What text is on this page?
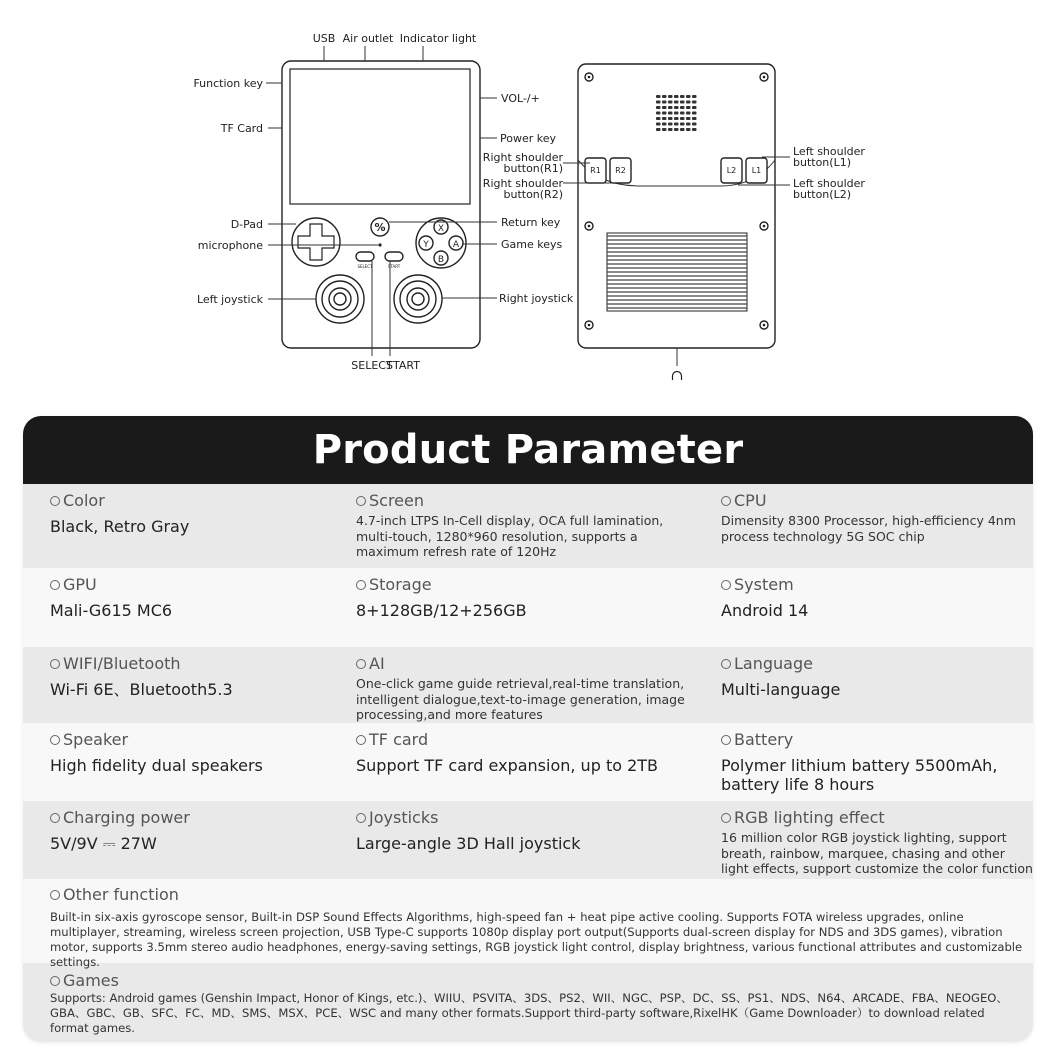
%
SELECT	START
X
Y	A
B
USB Air outlet Indicator light
Function key
TF Card
D-Pad
microphone
Left joystick
VOL-/+
Power key
Return key
Game keys
Right joystick
SELECT
START
R1 R2	L2 L1
Right shoulder
button(R1)
Right shoulder
button(R2)
Left shoulder
button(L1)
Left shoulder
button(L2)
Product Parameter
Color
Black, Retro Gray
Screen
4.7-inch LTPS In-Cell display, OCA full lamination, multi-touch, 1280*960 resolution, supports a maximum refresh rate of 120Hz
CPU
Dimensity 8300 Processor, high-efficiency 4nm process technology 5G SOC chip
GPU
Mali-G615 MC6
Storage
8+128GB/12+256GB
System
Android 14
WIFI/Bluetooth
Wi-Fi 6E、Bluetooth5.3
AI
One-click game guide retrieval,real-time translation, intelligent dialogue,text-to-image generation, image processing,and more features
Language
Multi-language
Speaker
High fidelity dual speakers
TF card
Support TF card expansion, up to 2TB
Battery
Polymer lithium battery 5500mAh, battery life 8 hours
Charging power
5V/9V ⎓ 27W
Joysticks
Large-angle 3D Hall joystick
RGB lighting effect
16 million color RGB joystick lighting, support breath, rainbow, marquee, chasing and other light effects, support customize the color function
Other function
Built-in six-axis gyroscope sensor, Built-in DSP Sound Effects Algorithms, high-speed fan + heat pipe active cooling. Supports FOTA wireless upgrades, online multiplayer, streaming, wireless screen projection, USB Type-C supports 1080p display port output(Supports dual-screen display for NDS and 3DS games), vibration motor, supports 3.5mm stereo audio headphones, energy-saving settings, RGB joystick light control, display brightness, various functional attributes and customizable settings.
Games
Supports: Android games (Genshin Impact, Honor of Kings, etc.)、WIIU、PSVITA、3DS、PS2、WII、NGC、PSP、DC、SS、PS1、NDS、N64、ARCADE、FBA、NEOGEO、GBA、GBC、GB、SFC、FC、MD、SMS、MSX、PCE、WSC and many other formats.Support third-party software,RixelHK（Game Downloader）to download related format games.
